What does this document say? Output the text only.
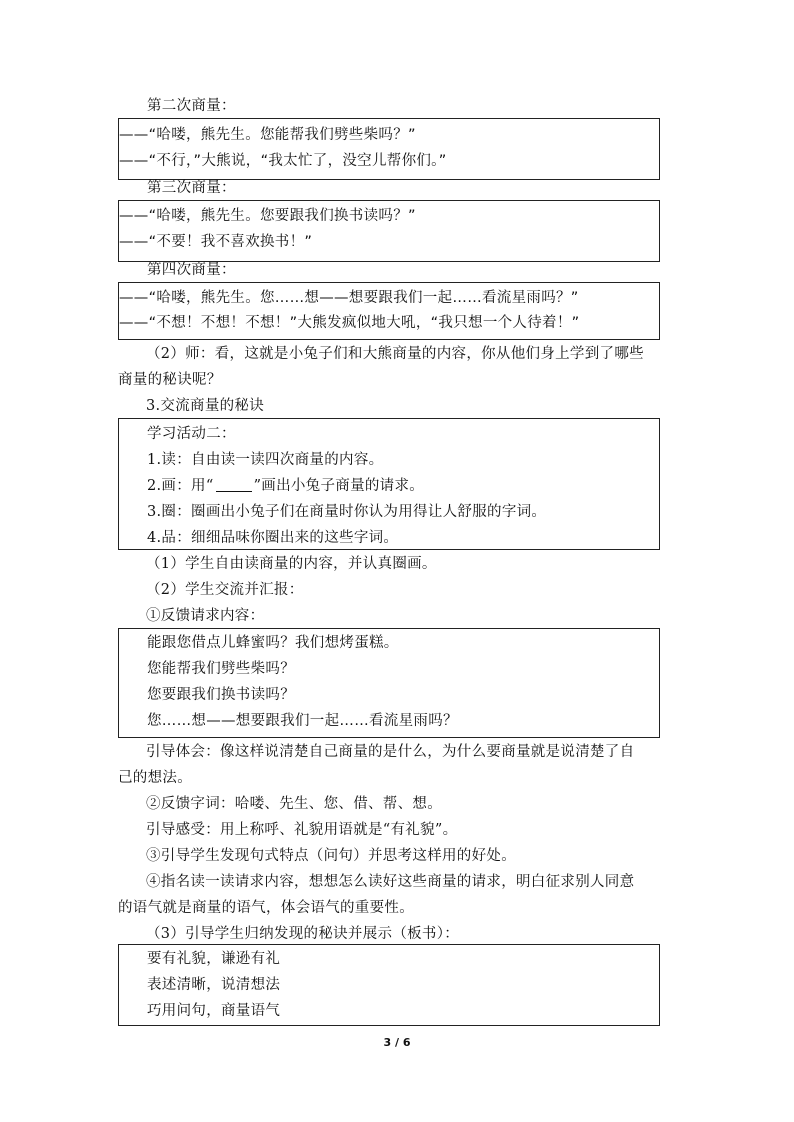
第二次商量：
——“哈喽，熊先生。您能帮我们劈些柴吗？”
——“不行，”大熊说，“我太忙了，没空儿帮你们。”
第三次商量：
——“哈喽，熊先生。您要跟我们换书读吗？”
——“不要！我不喜欢换书！”
第四次商量：
——“哈喽，熊先生。您……想——想要跟我们一起……看流星雨吗？”
——“不想！不想！不想！”大熊发疯似地大吼，“我只想一个人待着！”
（2）师：看，这就是小兔子们和大熊商量的内容，你从他们身上学到了哪些
商量的秘诀呢？
3.交流商量的秘诀
学习活动二：
1.读：自由读一读四次商量的内容。
2.画：用“	”画出小兔子商量的请求。
3.圈：圈画出小兔子们在商量时你认为用得让人舒服的字词。
4.品：细细品味你圈出来的这些字词。
（1）学生自由读商量的内容，并认真圈画。
（2）学生交流并汇报：
①反馈请求内容：
能跟您借点儿蜂蜜吗？我们想烤蛋糕。
您能帮我们劈些柴吗？
您要跟我们换书读吗？
您……想——想要跟我们一起……看流星雨吗？
引导体会：像这样说清楚自己商量的是什么，为什么要商量就是说清楚了自
己的想法。
②反馈字词：哈喽、先生、您、借、帮、想。
引导感受：用上称呼、礼貌用语就是“有礼貌”。
③引导学生发现句式特点（问句）并思考这样用的好处。
④指名读一读请求内容，想想怎么读好这些商量的请求，明白征求别人同意
的语气就是商量的语气，体会语气的重要性。
（3）引导学生归纳发现的秘诀并展示（板书）：
要有礼貌，谦逊有礼
表述清晰，说清想法
巧用问句，商量语气
3 / 6
